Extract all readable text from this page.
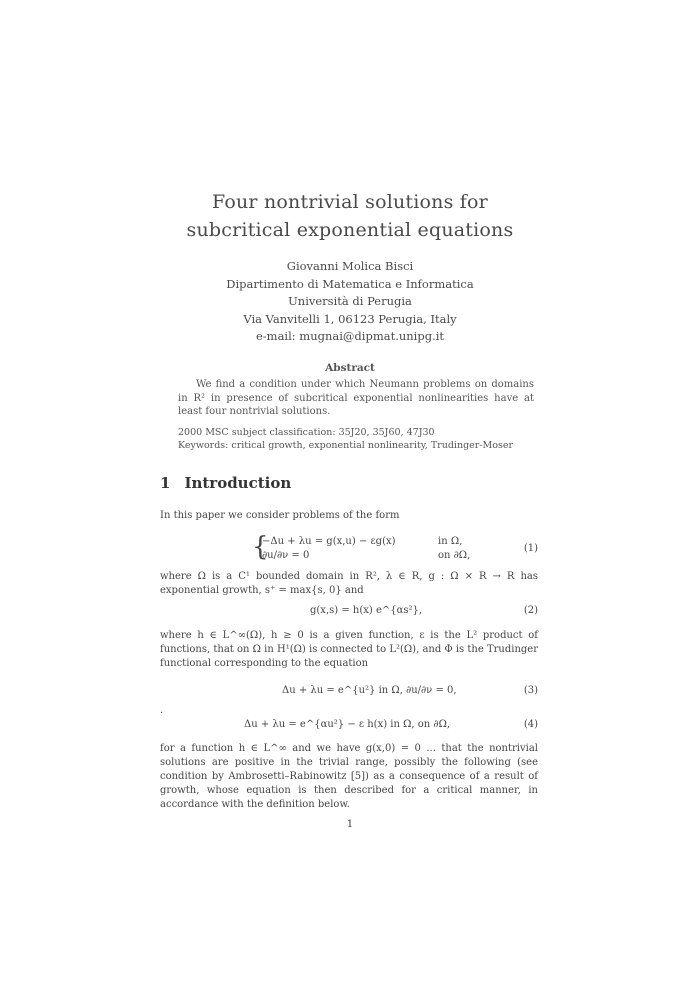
Four nontrivial solutions for
subcritical exponential equations
Giovanni Molica Bisci
Dipartimento di Matematica e Informatica
Università di Perugia
Via Vanvitelli 1, 06123 Perugia, Italy
e-mail: mugnai@dipmat.unipg.it
Abstract

We find a condition under which Neumann problems on domains in R² in presence of subcritical exponential nonlinearities have at least four nontrivial solutions.

2000 MSC subject classification: 35J20, 35J60, 47J30
Keywords: critical growth, exponential nonlinearity, Trudinger-Moser
1 Introduction
In this paper we consider problems of the form
{
−Δu + λu = g(x,u) − εg(x)	in Ω,
∂u/∂ν = 0	on ∂Ω,
(1)
where Ω is a C¹ bounded domain in R², λ ∈ R, g : Ω × R → R has exponential growth, s⁺ = max{s, 0} and
g(x,s) = h(x) e^{αs²},	(2)
where h ∈ L^∞(Ω), h ≥ 0 is a given function, ε is the L² product of functions, that on Ω in H¹(Ω) is connected to L²(Ω), and Φ is the Trudinger functional corresponding to the equation
Δu + λu = e^{u²} in Ω, ∂u/∂ν = 0,	(3)
·
Δu + λu = e^{αu²} − ε h(x) in Ω, on ∂Ω,	(4)
for a function h ∈ L^∞ and we have g(x,0) = 0 ... that the nontrivial solutions are positive in the trivial range, possibly the following (see condition by Ambrosetti–Rabinowitz [5]) as a consequence of a result of growth, whose equation is then described for a critical manner, in accordance with the definition below.
1
